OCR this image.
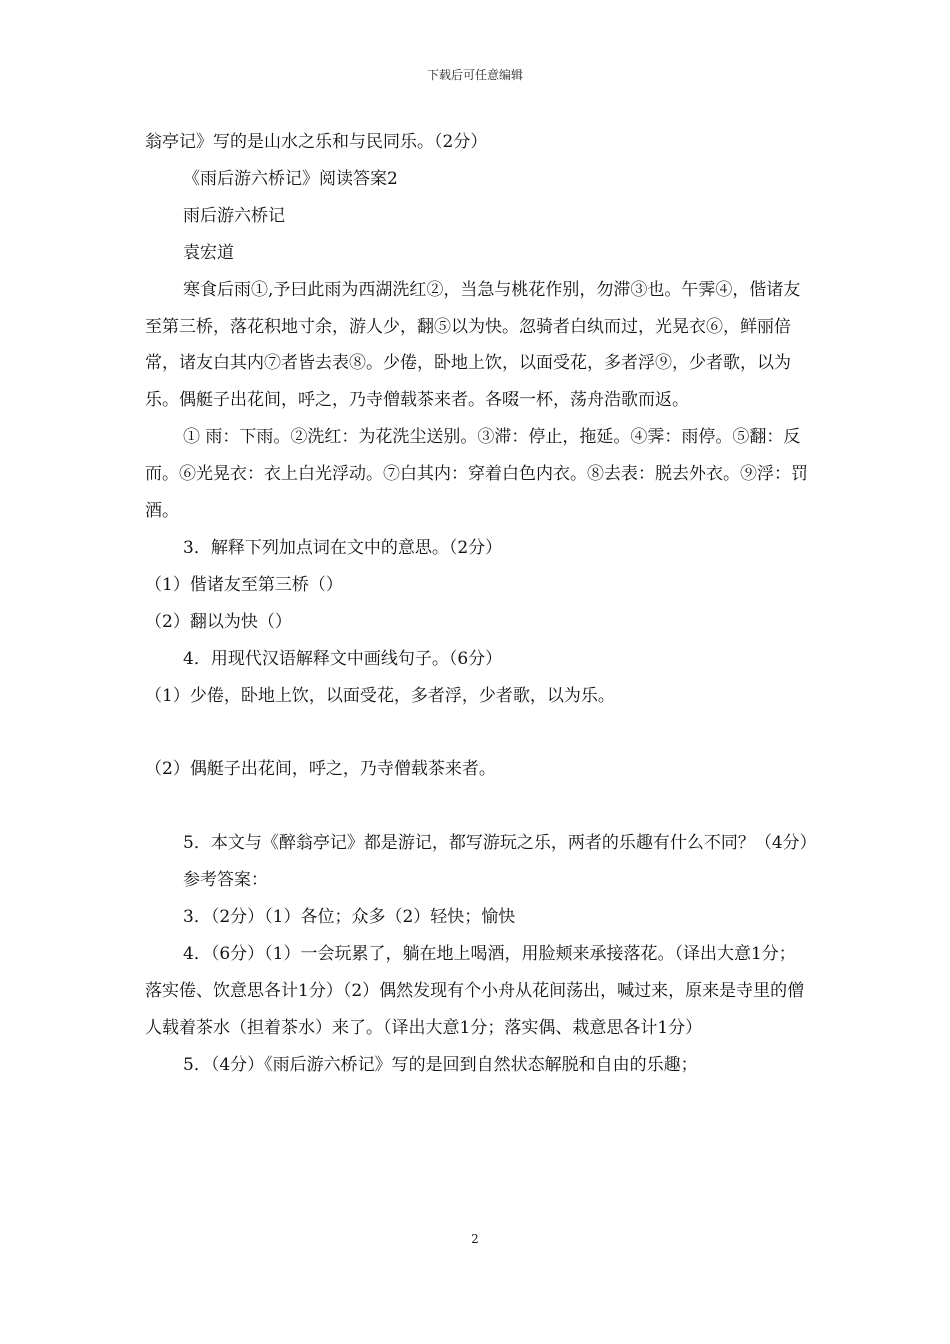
下载后可任意编辑

翁亭记》写的是山水之乐和与民同乐。（2分）

《雨后游六桥记》阅读答案2

雨后游六桥记

袁宏道

寒食后雨①,予曰此雨为西湖洗红②，当急与桃花作别，勿滞③也。午霁④，偕诸友至第三桥，落花积地寸余，游人少，翻⑤以为快。忽骑者白纨而过，光晃衣⑥，鲜丽倍常，诸友白其内⑦者皆去表⑧。少倦，卧地上饮，以面受花，多者浮⑨，少者歌，以为乐。偶艇子出花间，呼之，乃寺僧载茶来者。各啜一杯，荡舟浩歌而返。

① 雨：下雨。②洗红：为花洗尘送别。③滞：停止，拖延。④霁：雨停。⑤翻：反而。⑥光晃衣：衣上白光浮动。⑦白其内：穿着白色内衣。⑧去表：脱去外衣。⑨浮：罚酒。

3．解释下列加点词在文中的意思。（2分）

（1）偕诸友至第三桥（）

（2）翻以为快（）

4．用现代汉语解释文中画线句子。（6分）

（1）少倦，卧地上饮，以面受花，多者浮，少者歌，以为乐。

（2）偶艇子出花间，呼之，乃寺僧载茶来者。

5．本文与《醉翁亭记》都是游记，都写游玩之乐，两者的乐趣有什么不同？（4分）

参考答案：

3．（2分）（1）各位；众多（2）轻快；愉快

4．（6分）（1）一会玩累了，躺在地上喝酒，用脸颊来承接落花。（译出大意1分；落实倦、饮意思各计1分）（2）偶然发现有个小舟从花间荡出，喊过来，原来是寺里的僧人载着茶水（担着茶水）来了。（译出大意1分；落实偶、栽意思各计1分）

5．（4分）《雨后游六桥记》写的是回到自然状态解脱和自由的乐趣；

2
